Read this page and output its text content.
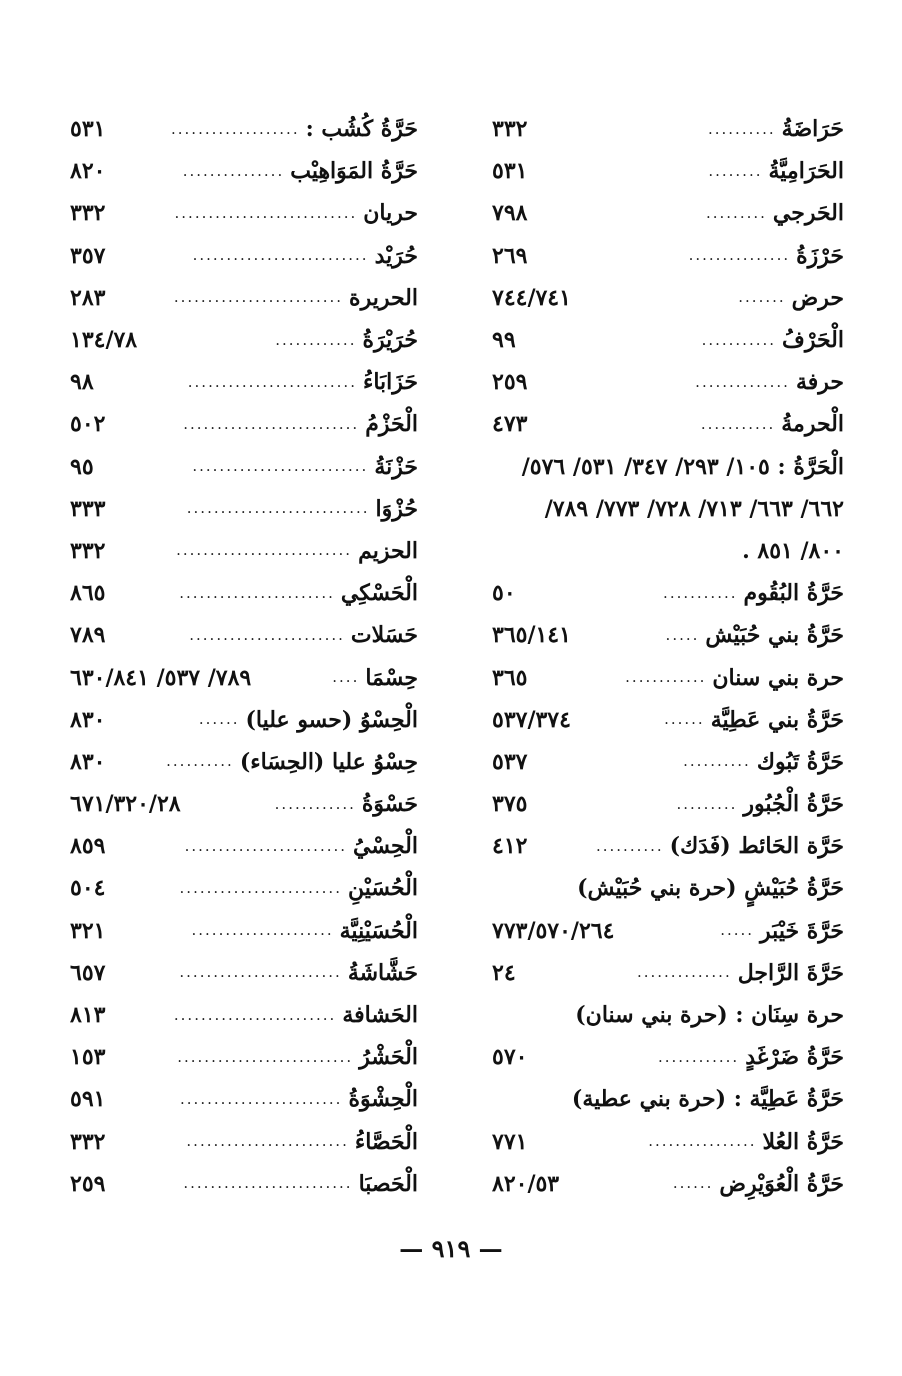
حَرَاضَةُ
..........
٣٣٢
الحَرَامِيَّةُ
........
٥٣١
الحَرجي
.........
٧٩٨
حَرْزَةُ
...............
٢٦٩
حرض
.......
٧٤٤/٧٤١
الْحَرْفُ
...........
٩٩
حرفة
..............
٢٥٩
الْحرمةُ
...........
٤٧٣
الْحَرَّةُ : ١٠٥/ ٢٩٣/ ٣٤٧/ ٥٣١/ ٥٧٦/
٦٦٢/ ٦٦٣/ ٧١٣/ ٧٢٨/ ٧٧٣/ ٧٨٩/
٨٠٠/ ٨٥١ .
حَرَّةُ البُقُوم
...........
٥٠
حَرَّةُ بني حُبَيْش
.....
٣٦٥/١٤١
حرة بني سنان
............
٣٦٥
حَرَّةُ بني عَطِيَّة
......
٥٣٧/٣٧٤
حَرَّةُ تَبُوك
..........
٥٣٧
حَرَّةُ الْجُبُور
.........
٣٧٥
حَرَّة الحَائط (فَدَك)
..........
٤١٢
حَرَّةُ حُبَيْشٍ (حرة بني حُبَيْش)
حَرَّةَ خَيْبَر
.....
٧٧٣/٥٧٠/٢٦٤
حَرَّةَ الرَّاجل
..............
٢٤
حرة سِنَان : (حرة بني سنان)
حَرَّةُ ضَرْغَدٍ
............
٥٧٠
حَرَّةُ عَطِيَّة : (حرة بني عطية)
حَرَّةُ العُلا
................
٧٧١
حَرَّةُ الْعُوَيْرِض
......
٨٢٠/٥٣
حَرَّةُ كُشُب :
...................
٥٣١
حَرَّةُ المَوَاهِيْب
...............
٨٢٠
حريان
...........................
٣٣٢
حُرَيْد
..........................
٣٥٧
الحريرة
.........................
٢٨٣
حُرَيْرَةُ
............
١٣٤/٧٨
حَزَابَاءُ
.........................
٩٨
الْحَزْمُ
..........................
٥٠٢
حَزْنَةُ
..........................
٩٥
حُزْوَا
...........................
٣٣٣
الحزيم
..........................
٣٣٢
الْحَسْكِي
.......................
٨٦٥
حَسَلات
.......................
٧٨٩
حِسْمَا
....
٧٨٩/ ٥٣٧/ ٦٣٠/٨٤١
الْحِسْوُ (حسو عليا)
......
٨٣٠
حِسْوُ عليا (الحِسَاء)
..........
٨٣٠
حَسْوَةُ
............
٦٧١/٣٢٠/٢٨
الْحِسْيُ
........................
٨٥٩
الْحُسَيْنِ
........................
٥٠٤
الْحُسَيْنِيَّة
.....................
٣٢١
حَشَّاشَةُ
........................
٦٥٧
الحَشافة
........................
٨١٣
الْحَشْرُ
..........................
١٥٣
الْحِشْوَةُ
........................
٥٩١
الْحَصَّاءُ
........................
٣٣٢
الْحَصبَا
.........................
٢٥٩
— ٩١٩ —
